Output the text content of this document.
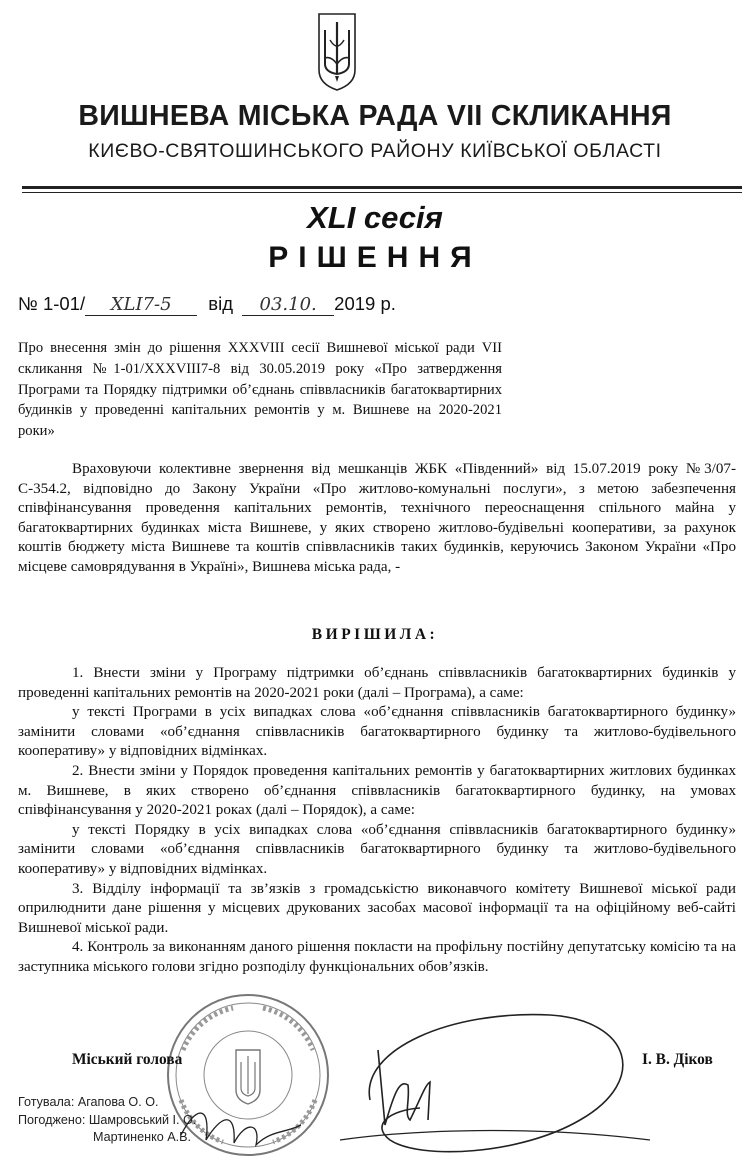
ВИШНЕВА МІСЬКА РАДА VII СКЛИКАННЯ
КИЄВО-СВЯТОШИНСЬКОГО РАЙОНУ КИЇВСЬКОЇ ОБЛАСТІ
XLI сесія
РІШЕННЯ
№ 1-01/ XLI7-5 від 03.10. 2019 р.
Про внесення змін до рішення XXXVIII сесії Вишневої міської ради VII скликання №1-01/XXXVIII7-8 від 30.05.2019 року «Про затвердження Програми та Порядку підтримки об’єднань співвласників багатоквартирних будинків у проведенні капітальних ремонтів у м. Вишневе на 2020-2021 роки»
Враховуючи колективне звернення від мешканців ЖБК «Південний» від 15.07.2019 року №3/07-С-354.2, відповідно до Закону України «Про житлово-комунальні послуги», з метою забезпечення співфінансування проведення капітальних ремонтів, технічного переоснащення спільного майна у багатоквартирних будинках міста Вишневе, у яких створено житлово-будівельні кооперативи, за рахунок коштів бюджету міста Вишневе та коштів співвласників таких будинків, керуючись Законом України «Про місцеве самоврядування в Україні», Вишнева міська рада, -
ВИРІШИЛА:

1. Внести зміни у Програму підтримки об’єднань співвласників багатоквартирних будинків у проведенні капітальних ремонтів на 2020-2021 роки (далі – Програма), а саме:

у тексті Програми в усіх випадках слова «об’єднання співвласників багатоквартирного будинку» замінити словами «об’єднання співвласників багатоквартирного будинку та житлово-будівельного кооперативу» у відповідних відмінках.

2. Внести зміни у Порядок проведення капітальних ремонтів у багатоквартирних житлових будинках м. Вишневе, в яких створено об’єднання співвласників багатоквартирного будинку, на умовах співфінансування у 2020-2021 роках (далі – Порядок), а саме:

у тексті Порядку в усіх випадках слова «об’єднання співвласників багатоквартирного будинку» замінити словами «об’єднання співвласників багатоквартирного будинку та житлово-будівельного кооперативу» у відповідних відмінках.

3. Відділу інформації та зв’язків з громадськістю виконавчого комітету Вишневої міської ради оприлюднити дане рішення у місцевих друкованих засобах масової інформації та на офіційному веб-сайті Вишневої міської ради.

4. Контроль за виконанням даного рішення покласти на профільну постійну депутатську комісію та на заступника міського голови згідно розподілу функціональних обов’язків.

Міський голова	І. В. Діков
Готувала: Агапова О. О.
Погоджено: Шамровський І. О.
Мартиненко А.В.
